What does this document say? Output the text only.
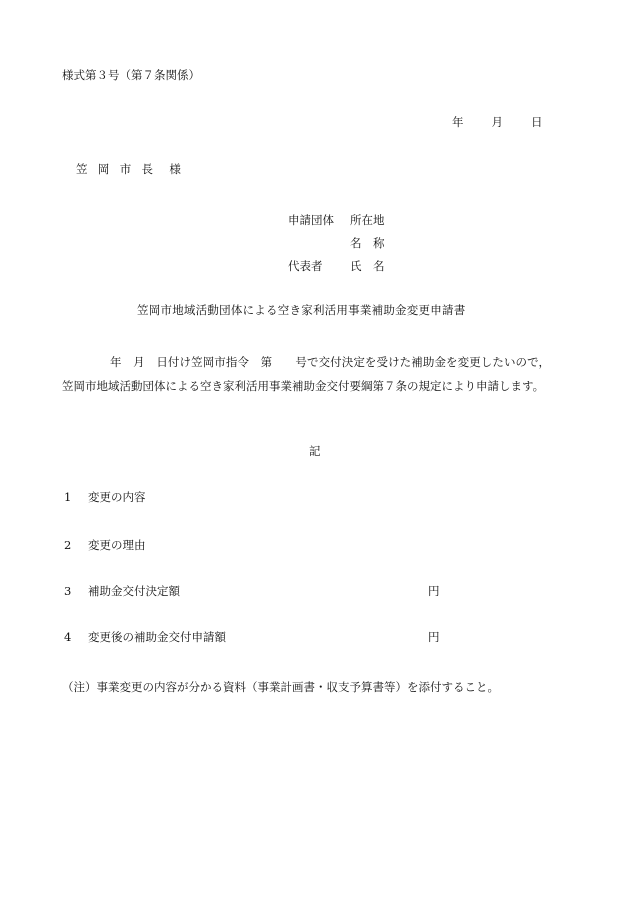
様式第３号（第７条関係）
年 月 日
笠岡市長 様
申請団体	所在地
名　称
代表者	氏　名
笠岡市地域活動団体による空き家利活用事業補助金変更申請書
年　月　日付け笠岡市指令　第　　号で交付決定を受けた補助金を変更したいので，笠岡市地域活動団体による空き家利活用事業補助金交付要綱第７条の規定により申請します。
記
1 変更の内容
2 変更の理由
3 補助金交付決定額	円
4 変更後の補助金交付申請額	円
（注）事業変更の内容が分かる資料（事業計画書・収支予算書等）を添付すること。
